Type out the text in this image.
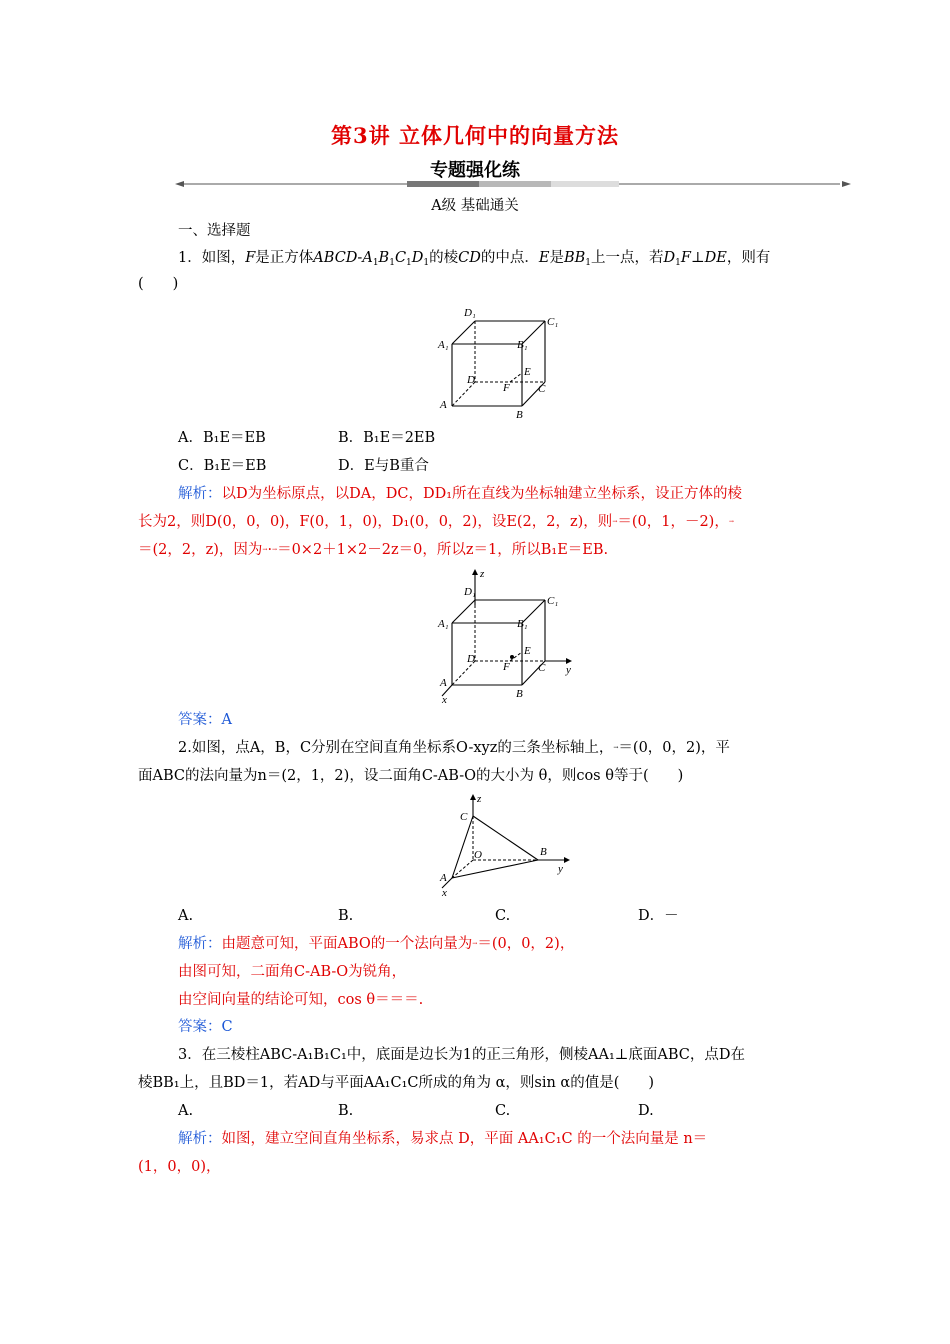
第3讲 立体几何中的向量方法
专题强化练
A级 基础通关
一、选择题
1．如图，F是正方体ABCD-$A_1B_1C_1D_1$的棱CD的中点．E是$BB_1$上一点，若$D_1F\perp DE$，则有
(　　)
D₁
C₁
A₁	B₁
D
E
F	C
A
B
A．B₁E＝EB	B．B₁E＝2EB
C．B₁E＝EB	D．E与B重合
解析：以D为坐标原点，以DA，DC，DD₁所在直线为坐标轴建立坐标系，设正方体的棱
长为2，则D(0，0，0)，F(0，1，0)，D₁(0，0，2)，设E(2，2，z)，则→＝(0，1，－2)，→
＝(2，2，z)，因为→·→＝0×2＋1×2－2z＝0，所以z＝1，所以B₁E＝EB.
z
D₁
C₁
A₁	B₁
D
E
F	C y
A
x	B
答案：A
2.如图，点A，B，C分别在空间直角坐标系O-xyz的三条坐标轴上，→＝(0，0，2)，平
面ABC的法向量为n＝(2，1，2)，设二面角C-AB-O的大小为 θ，则cos θ等于(　　)
z
C
O	B
y
A
x
A.	B.	C.	D．－
解析：由题意可知，平面ABO的一个法向量为→＝(0，0，2)，
由图可知，二面角C-AB-O为锐角，
由空间向量的结论可知，cos θ＝＝＝.
答案：C
3．在三棱柱ABC-A₁B₁C₁中，底面是边长为1的正三角形，侧棱AA₁⊥底面ABC，点D在
棱BB₁上，且BD＝1，若AD与平面AA₁C₁C所成的角为 α，则sin α的值是(　　)
A.	B.	C.	D.
解析：如图，建立空间直角坐标系，易求点 D，平面 AA₁C₁C 的一个法向量是 n＝
(1，0，0)，
